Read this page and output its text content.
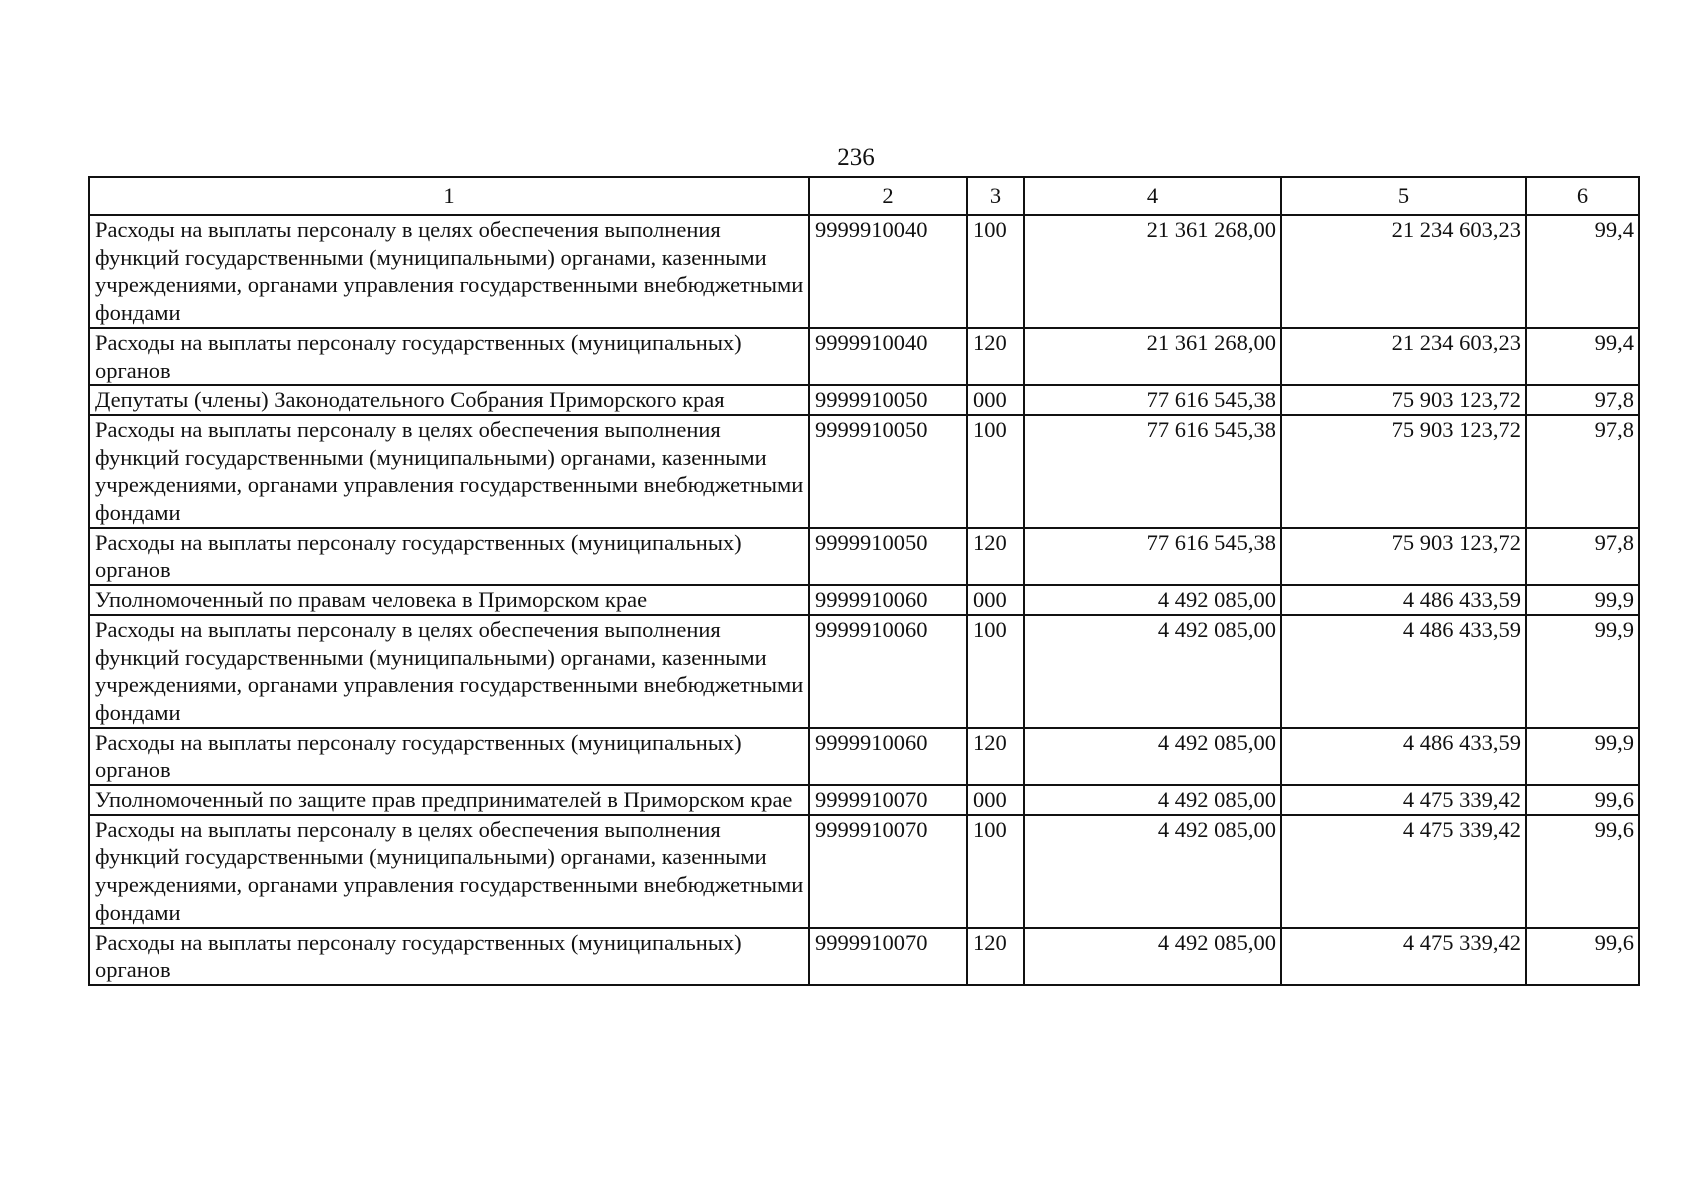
236
1	2	3	4	5	6
Расходы на выплаты персоналу в целях обеспечения выполнения функций государственными (муниципальными) органами, казенными учреждениями, органами управления государственными внебюджетными фондами	9999910040	100	21 361 268,00	21 234 603,23	99,4
Расходы на выплаты персоналу государственных (муниципальных) органов	9999910040	120	21 361 268,00	21 234 603,23	99,4
Депутаты (члены) Законодательного Собрания Приморского края	9999910050	000	77 616 545,38	75 903 123,72	97,8
Расходы на выплаты персоналу в целях обеспечения выполнения функций государственными (муниципальными) органами, казенными учреждениями, органами управления государственными внебюджетными фондами	9999910050	100	77 616 545,38	75 903 123,72	97,8
Расходы на выплаты персоналу государственных (муниципальных) органов	9999910050	120	77 616 545,38	75 903 123,72	97,8
Уполномоченный по правам человека в Приморском крае	9999910060	000	4 492 085,00	4 486 433,59	99,9
Расходы на выплаты персоналу в целях обеспечения выполнения функций государственными (муниципальными) органами, казенными учреждениями, органами управления государственными внебюджетными фондами	9999910060	100	4 492 085,00	4 486 433,59	99,9
Расходы на выплаты персоналу государственных (муниципальных) органов	9999910060	120	4 492 085,00	4 486 433,59	99,9
Уполномоченный по защите прав предпринимателей в Приморском крае	9999910070	000	4 492 085,00	4 475 339,42	99,6
Расходы на выплаты персоналу в целях обеспечения выполнения функций государственными (муниципальными) органами, казенными учреждениями, органами управления государственными внебюджетными фондами	9999910070	100	4 492 085,00	4 475 339,42	99,6
Расходы на выплаты персоналу государственных (муниципальных) органов	9999910070	120	4 492 085,00	4 475 339,42	99,6
